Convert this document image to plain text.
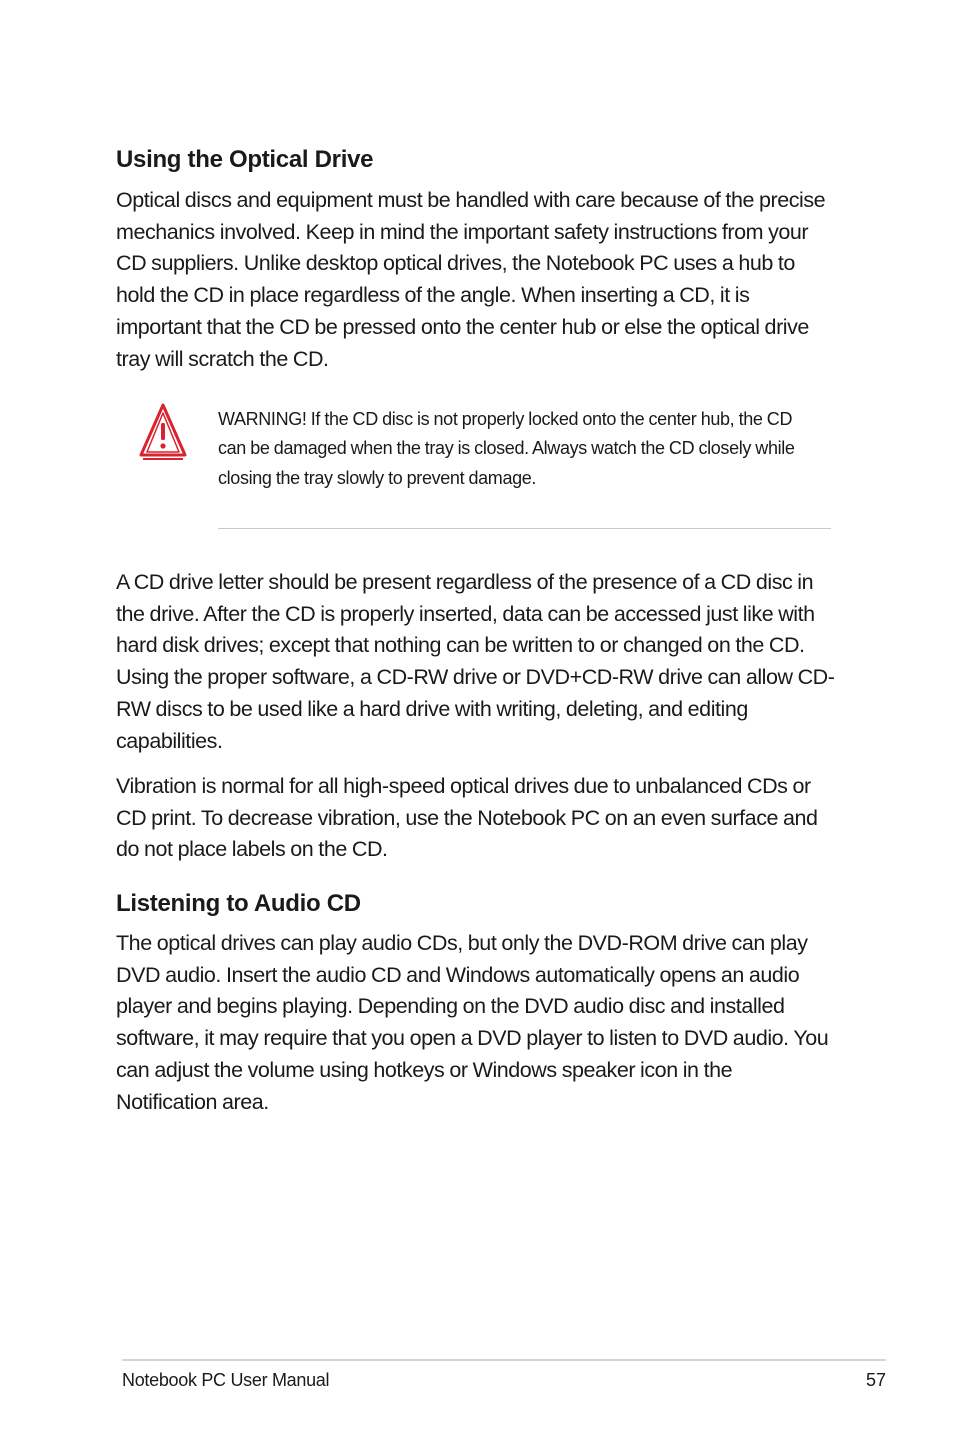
Using the Optical Drive

Optical discs and equipment must be handled with care because of the precise mechanics involved. Keep in mind the important safety instructions from your CD suppliers. Unlike desktop optical drives, the Notebook PC uses a hub to hold the CD in place regardless of the angle. When inserting a CD, it is important that the CD be pressed onto the center hub or else the optical drive tray will scratch the CD.

WARNING! If the CD disc is not properly locked onto the center hub, the CD can be damaged when the tray is closed. Always watch the CD closely while closing the tray slowly to prevent damage.

A CD drive letter should be present regardless of the presence of a CD disc in the drive. After the CD is properly inserted, data can be accessed just like with hard disk drives; except that nothing can be written to or changed on the CD. Using the proper software, a CD-RW drive or DVD+CD-RW drive can allow CD-RW discs to be used like a hard drive with writing, deleting, and editing capabilities.

Vibration is normal for all high-speed optical drives due to unbalanced CDs or CD print. To decrease vibration, use the Notebook PC on an even surface and do not place labels on the CD.

Listening to Audio CD

The optical drives can play audio CDs, but only the DVD-ROM drive can play DVD audio. Insert the audio CD and Windows automatically opens an audio player and begins playing. Depending on the DVD audio disc and installed software, it may require that you open a DVD player to listen to DVD audio. You can adjust the volume using hotkeys or Windows speaker icon in the Notification area.

Notebook PC User Manual	57
